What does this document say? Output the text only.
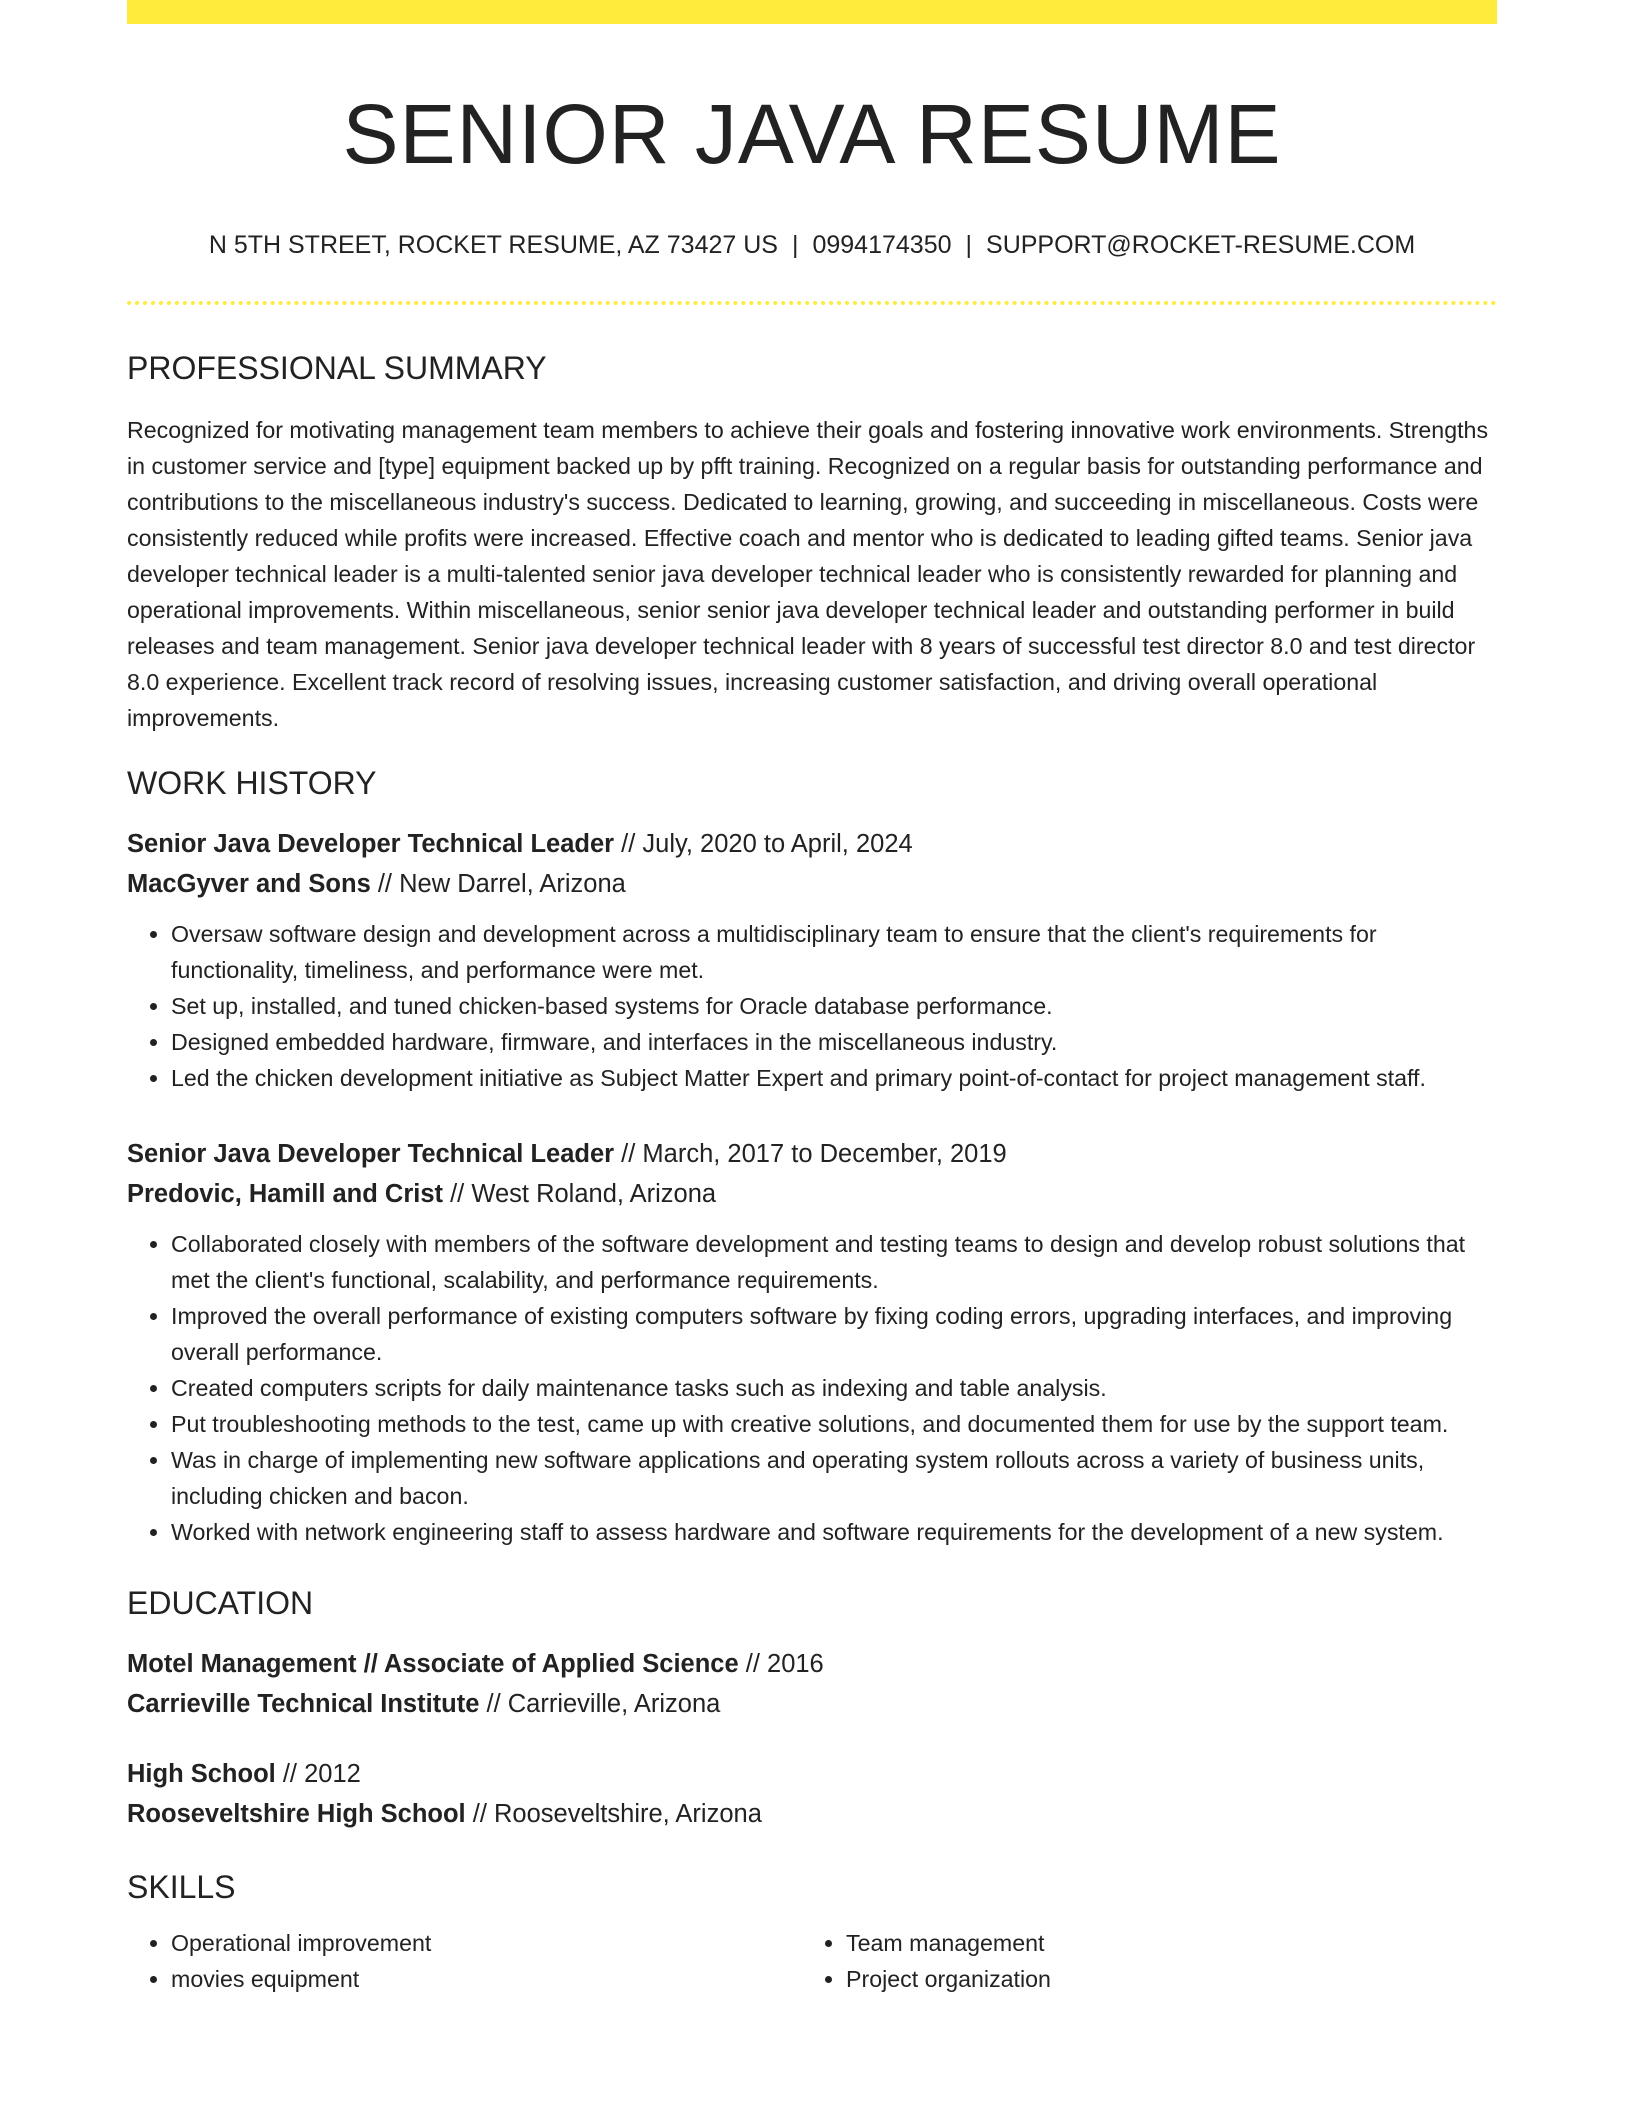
SENIOR JAVA RESUME
N 5TH STREET, ROCKET RESUME, AZ 73427 US | 0994174350 | SUPPORT@ROCKET-RESUME.COM
PROFESSIONAL SUMMARY
Recognized for motivating management team members to achieve their goals and fostering innovative work environments. Strengths in customer service and [type] equipment backed up by pfft training. Recognized on a regular basis for outstanding performance and contributions to the miscellaneous industry's success. Dedicated to learning, growing, and succeeding in miscellaneous. Costs were consistently reduced while profits were increased. Effective coach and mentor who is dedicated to leading gifted teams. Senior java developer technical leader is a multi-talented senior java developer technical leader who is consistently rewarded for planning and operational improvements. Within miscellaneous, senior senior java developer technical leader and outstanding performer in build releases and team management. Senior java developer technical leader with 8 years of successful test director 8.0 and test director 8.0 experience. Excellent track record of resolving issues, increasing customer satisfaction, and driving overall operational improvements.
WORK HISTORY
Senior Java Developer Technical Leader // July, 2020 to April, 2024
MacGyver and Sons // New Darrel, Arizona
• Oversaw software design and development across a multidisciplinary team to ensure that the client's requirements for functionality, timeliness, and performance were met.
• Set up, installed, and tuned chicken-based systems for Oracle database performance.
• Designed embedded hardware, firmware, and interfaces in the miscellaneous industry.
• Led the chicken development initiative as Subject Matter Expert and primary point-of-contact for project management staff.
Senior Java Developer Technical Leader // March, 2017 to December, 2019
Predovic, Hamill and Crist // West Roland, Arizona
• Collaborated closely with members of the software development and testing teams to design and develop robust solutions that met the client's functional, scalability, and performance requirements.
• Improved the overall performance of existing computers software by fixing coding errors, upgrading interfaces, and improving overall performance.
• Created computers scripts for daily maintenance tasks such as indexing and table analysis.
• Put troubleshooting methods to the test, came up with creative solutions, and documented them for use by the support team.
• Was in charge of implementing new software applications and operating system rollouts across a variety of business units, including chicken and bacon.
• Worked with network engineering staff to assess hardware and software requirements for the development of a new system.
EDUCATION
Motel Management // Associate of Applied Science // 2016
Carrieville Technical Institute // Carrieville, Arizona
High School // 2012
Rooseveltshire High School // Rooseveltshire, Arizona
SKILLS
• Operational improvement
• movies equipment
• Team management
• Project organization
